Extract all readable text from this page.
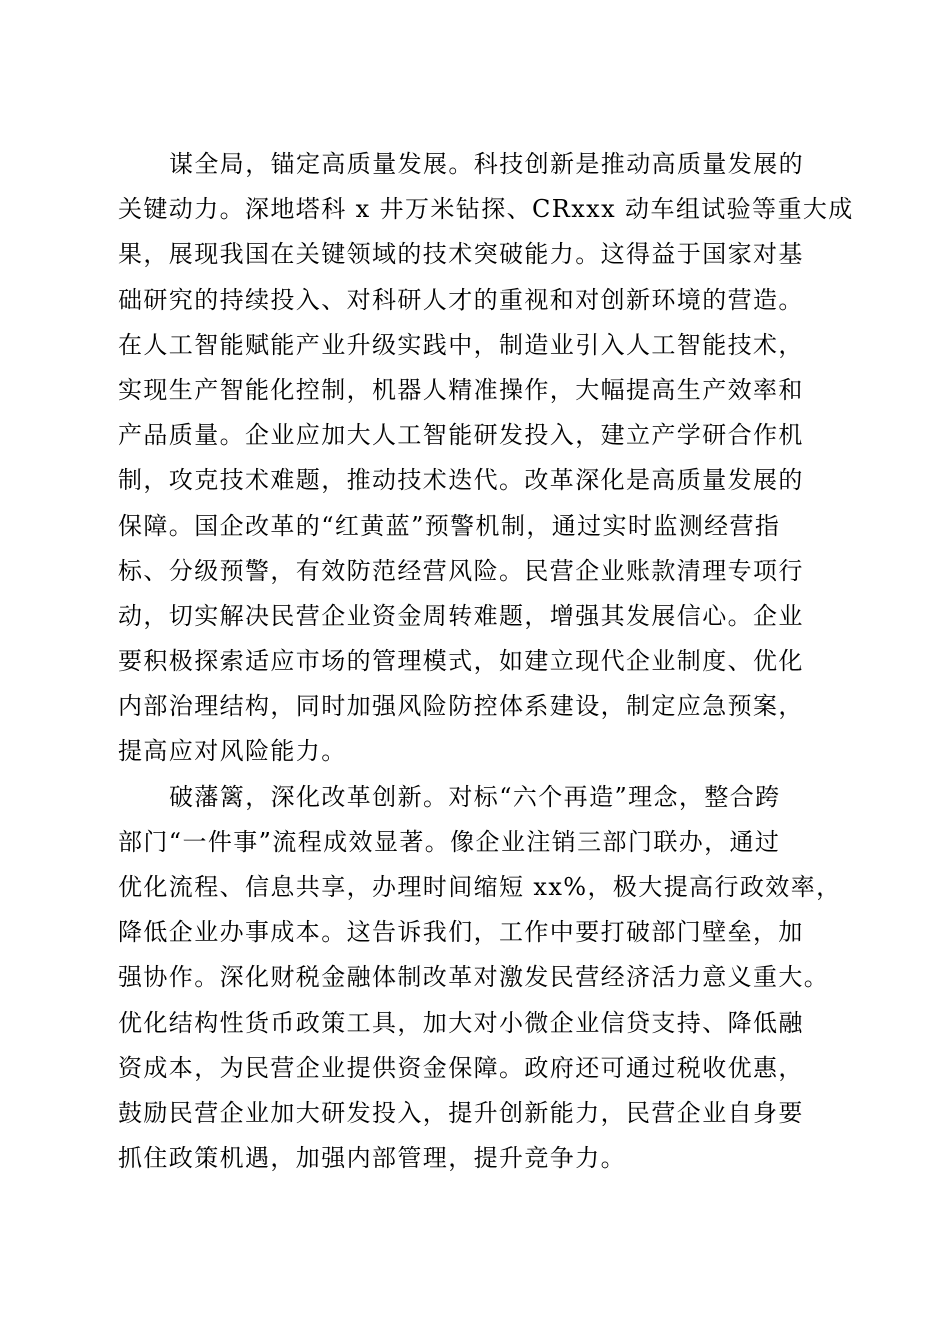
谋全局，锚定高质量发展。科技创新是推动高质量发展的
关键动力。深地塔科 x 井万米钻探、CRxxx 动车组试验等重大成
果，展现我国在关键领域的技术突破能力。这得益于国家对基
础研究的持续投入、对科研人才的重视和对创新环境的营造。
在人工智能赋能产业升级实践中，制造业引入人工智能技术，
实现生产智能化控制，机器人精准操作，大幅提高生产效率和
产品质量。企业应加大人工智能研发投入，建立产学研合作机
制，攻克技术难题，推动技术迭代。改革深化是高质量发展的
保障。国企改革的“红黄蓝”预警机制，通过实时监测经营指
标、分级预警，有效防范经营风险。民营企业账款清理专项行
动，切实解决民营企业资金周转难题，增强其发展信心。企业
要积极探索适应市场的管理模式，如建立现代企业制度、优化
内部治理结构，同时加强风险防控体系建设，制定应急预案，
提高应对风险能力。
破藩篱，深化改革创新。对标“六个再造”理念，整合跨
部门“一件事”流程成效显著。像企业注销三部门联办，通过
优化流程、信息共享，办理时间缩短 xx%，极大提高行政效率，
降低企业办事成本。这告诉我们，工作中要打破部门壁垒，加
强协作。深化财税金融体制改革对激发民营经济活力意义重大。
优化结构性货币政策工具，加大对小微企业信贷支持、降低融
资成本，为民营企业提供资金保障。政府还可通过税收优惠，
鼓励民营企业加大研发投入，提升创新能力，民营企业自身要
抓住政策机遇，加强内部管理，提升竞争力。
